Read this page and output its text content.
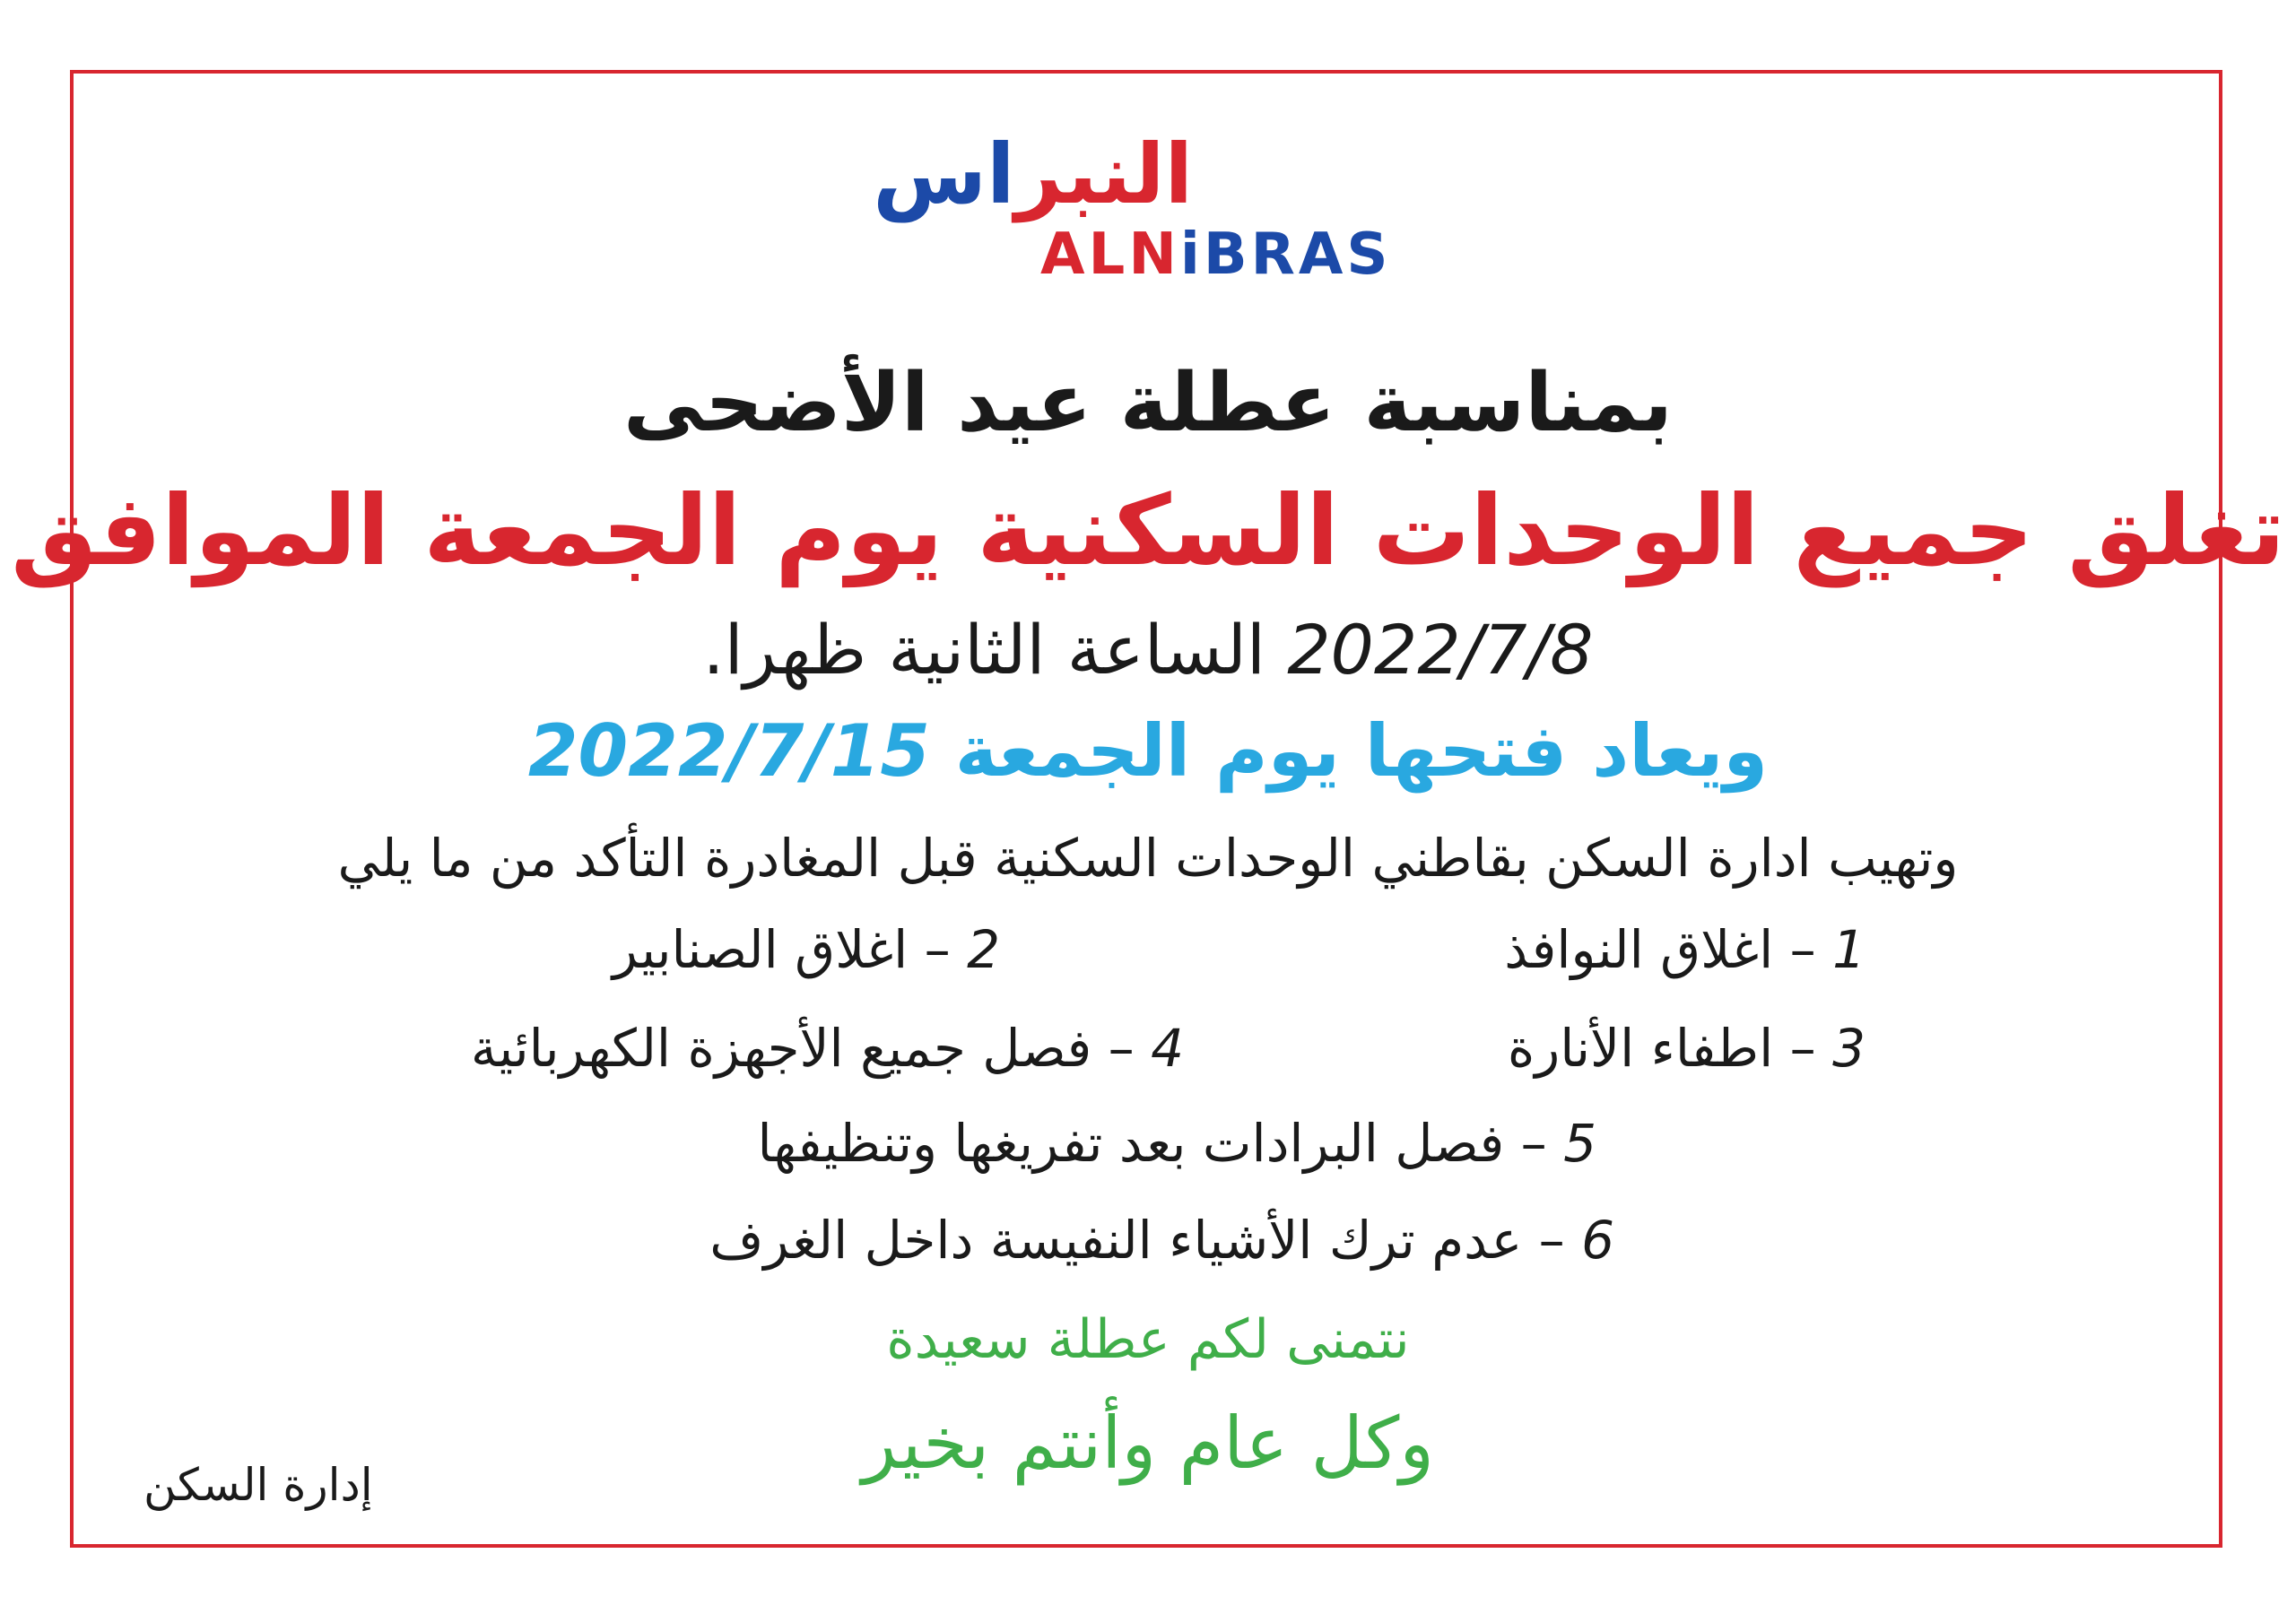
النبراس
ALNiBRAS
بمناسبة عطلة عيد الأضحى
تغلق جميع الوحدات السكنية يوم الجمعة الموافق
2022/7/8 الساعة الثانية ظهرا.
ويعاد فتحها يوم الجمعة 2022/7/15
وتهيب ادارة السكن بقاطني الوحدات السكنية قبل المغادرة التأكد من ما يلي
1 – اغلاق النوافذ
2 – اغلاق الصنابير
3 – اطفاء الأنارة
4 – فصل جميع الأجهزة الكهربائية
5 – فصل البرادات بعد تفريغها وتنظيفها
6 – عدم ترك الأشياء النفيسة داخل الغرف
نتمنى لكم عطلة سعيدة
وكل عام وأنتم بخير
إدارة السكن
